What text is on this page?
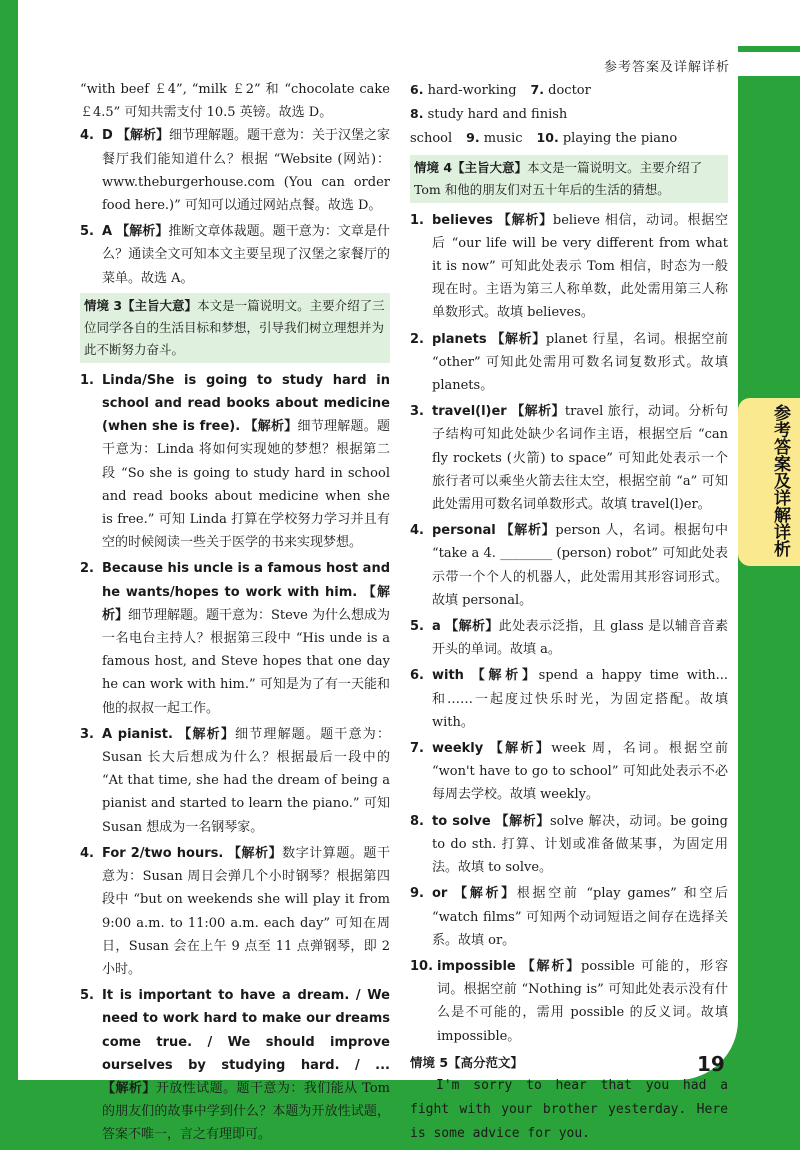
参考答案及详解详析
“with beef ￡4”, “milk ￡2” 和 “chocolate cake ￡4.5” 可知共需支付 10.5 英镑。故选 D。
4. D 【解析】细节理解题。题干意为：关于汉堡之家餐厅我们能知道什么？根据 “Website (网站)：www.theburgerhouse.com (You can order food here.)” 可知可以通过网站点餐。故选 D。
5. A 【解析】推断文章体裁题。题干意为：文章是什么？通读全文可知本文主要呈现了汉堡之家餐厅的菜单。故选 A。
情境 3【主旨大意】本文是一篇说明文。主要介绍了三位同学各自的生活目标和梦想，引导我们树立理想并为此不断努力奋斗。
1. Linda/She is going to study hard in school and read books about medicine (when she is free). 【解析】细节理解题。题干意为：Linda 将如何实现她的梦想？根据第二段 “So she is going to study hard in school and read books about medicine when she is free.” 可知 Linda 打算在学校努力学习并且有空的时候阅读一些关于医学的书来实现梦想。
2. Because his uncle is a famous host and he wants/hopes to work with him. 【解析】细节理解题。题干意为：Steve 为什么想成为一名电台主持人？根据第三段中 “His unde is a famous host, and Steve hopes that one day he can work with him.” 可知是为了有一天能和他的叔叔一起工作。
3. A pianist. 【解析】细节理解题。题干意为：Susan 长大后想成为什么？根据最后一段中的 “At that time, she had the dream of being a pianist and started to learn the piano.” 可知 Susan 想成为一名钢琴家。
4. For 2/two hours. 【解析】数字计算题。题干意为：Susan 周日会弹几个小时钢琴？根据第四段中 “but on weekends she will play it from 9:00 a.m. to 11:00 a.m. each day” 可知在周日，Susan 会在上午 9 点至 11 点弹钢琴，即 2 小时。
5. It is important to have a dream. / We need to work hard to make our dreams come true. / We should improve ourselves by studying hard. / ... 【解析】开放性试题。题干意为：我们能从 Tom 的朋友们的故事中学到什么？本题为开放性试题，答案不唯一，言之有理即可。
6. hard-working 7. doctor8. study hard and finish
school 9. music 10. playing the piano
情境 4【主旨大意】本文是一篇说明文。主要介绍了 Tom 和他的朋友们对五十年后的生活的猜想。
1. believes 【解析】believe 相信，动词。根据空后 “our life will be very different from what it is now” 可知此处表示 Tom 相信，时态为一般现在时。主语为第三人称单数，此处需用第三人称单数形式。故填 believes。
2. planets 【解析】planet 行星，名词。根据空前 “other” 可知此处需用可数名词复数形式。故填 planets。
3. travel(l)er 【解析】travel 旅行，动词。分析句子结构可知此处缺少名词作主语，根据空后 “can fly rockets (火箭) to space” 可知此处表示一个旅行者可以乘坐火箭去往太空，根据空前 “a” 可知此处需用可数名词单数形式。故填 travel(l)er。
4. personal 【解析】person 人，名词。根据句中 “take a 4. ________ (person) robot” 可知此处表示带一个个人的机器人，此处需用其形容词形式。故填 personal。
5. a 【解析】此处表示泛指，且 glass 是以辅音音素开头的单词。故填 a。
6. with 【解析】spend a happy time with... 和……一起度过快乐时光，为固定搭配。故填 with。
7. weekly 【解析】week 周，名词。根据空前 “won't have to go to school” 可知此处表示不必每周去学校。故填 weekly。
8. to solve 【解析】solve 解决，动词。be going to do sth. 打算、计划或准备做某事，为固定用法。故填 to solve。
9. or 【解析】根据空前 “play games” 和空后 “watch films” 可知两个动词短语之间存在选择关系。故填 or。
10. impossible 【解析】possible 可能的，形容词。根据空前 “Nothing is” 可知此处表示没有什么是不可能的，需用 possible 的反义词。故填 impossible。
情境 5【高分范文】
I'm sorry to hear that you had a fight with your brother yesterday. Here is some advice for you.
参考答案及详解详析
19
